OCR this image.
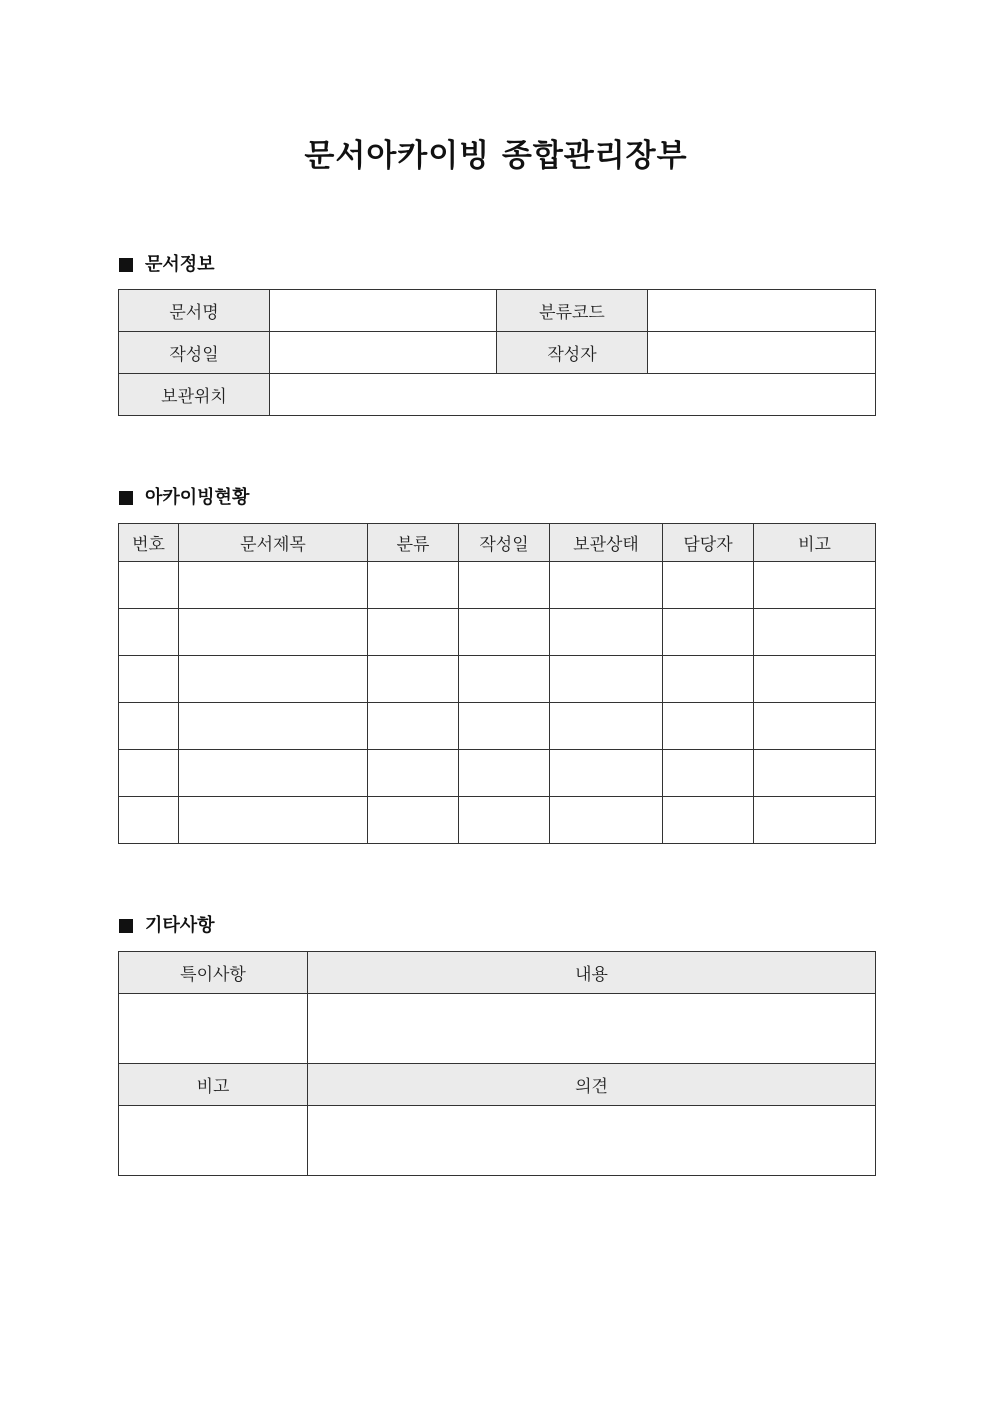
문서아카이빙 종합관리장부
문서정보
문서명		분류코드	
작성일		작성자	
보관위치			
아카이빙현황
번호	문서제목	분류	작성일	보관상태	담당자	비고

기타사항
특이사항	내용

비고	의견
